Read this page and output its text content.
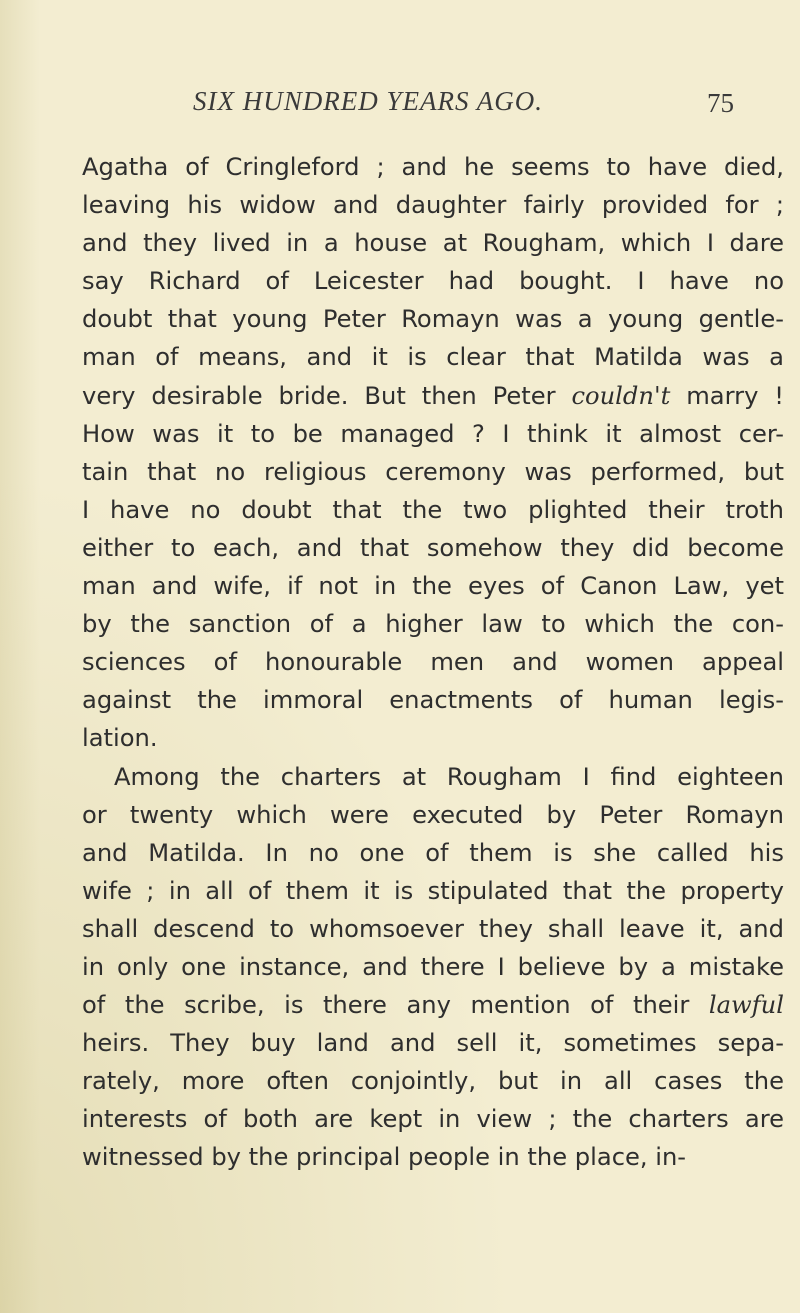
SIX HUNDRED YEARS AGO.	75
Agatha of Cringleford ; and he seems to have died,
leaving his widow and daughter fairly provided for ;
and they lived in a house at Rougham, which I dare
say Richard of Leicester had bought. I have no
doubt that young Peter Romayn was a young gentle-
man of means, and it is clear that Matilda was a
very desirable bride. But then Peter couldn't marry !
How was it to be managed ? I think it almost cer-
tain that no religious ceremony was performed, but
I have no doubt that the two plighted their troth
either to each, and that somehow they did become
man and wife, if not in the eyes of Canon Law, yet
by the sanction of a higher law to which the con-
sciences of honourable men and women appeal
against the immoral enactments of human legis-
lation.
Among the charters at Rougham I find eighteen
or twenty which were executed by Peter Romayn
and Matilda. In no one of them is she called his
wife ; in all of them it is stipulated that the property
shall descend to whomsoever they shall leave it, and
in only one instance, and there I believe by a mistake
of the scribe, is there any mention of their lawful
heirs. They buy land and sell it, sometimes sepa-
rately, more often conjointly, but in all cases the
interests of both are kept in view ; the charters are
witnessed by the principal people in the place, in-
